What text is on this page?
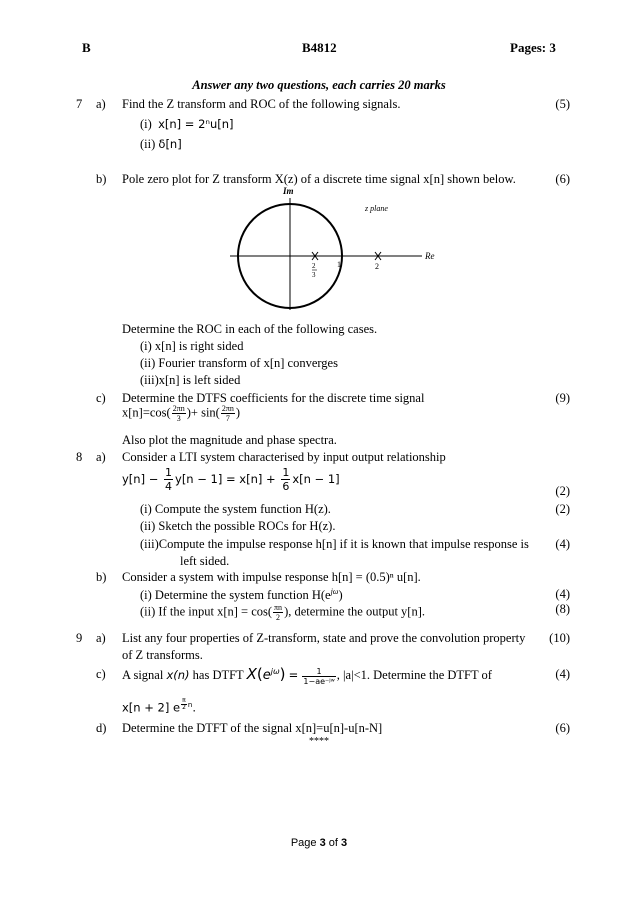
B	B4812	Pages: 3
Answer any two questions, each carries 20 marks
7 a) Find the Z transform and ROC of the following signals.	(5)
(i) x[n] = 2ⁿu[n]
(ii) δ[n]
b) Pole zero plot for Z transform X(z) of a discrete time signal x[n] shown below.	(6)
Im
Re
z plane
2
3
1	2
Determine the ROC in each of the following cases.
(i) x[n] is right sided
(ii) Fourier transform of x[n] converges
(iii)x[n] is left sided
c) Determine the DTFS coefficients for the discrete time signal	(9)
$x[n]=\cos( \frac{2\pi n}{3}$ )+ $\sin( \frac{2\pi n}{7}$ )
Also plot the magnitude and phase spectra.
8 a) Consider a LTI system characterised by input output relationship
$y[n] - \frac{1}{4} y[n - 1] = x[n] + \frac{1}{6} x[n - 1]$
(2)
(i) Compute the system function H(z).	(2)
(ii) Sketch the possible ROCs for H(z).
(iii)Compute the impulse response h[n] if it is known that impulse response is (4)
left sided.
b) Consider a system with impulse response h[n] = (0.5)ⁿ u[n].
(i) Determine the system function $H(e^{j\omega})$	(4)
(8)
(ii) If the input $x[n] = \cos( \frac{\pi n}{2}$ ), determine the output y[n].
9 a) List any four properties of Z-transform, state and prove the convolution property (10)
of Z transforms.
c)	(4)
A signal x(n) has DTFT $X(e^{j\omega}) = \frac{1}{\text{1−ae⁻ʲʷ}}$ , |a|<1. Determine the DTFT of
x[n + 2] e $^{\frac{\pi}{2} n}$.
d) Determine the DTFT of the signal x[n]=u[n]-u[n-N]	(6)
****
Page 3 of 3
